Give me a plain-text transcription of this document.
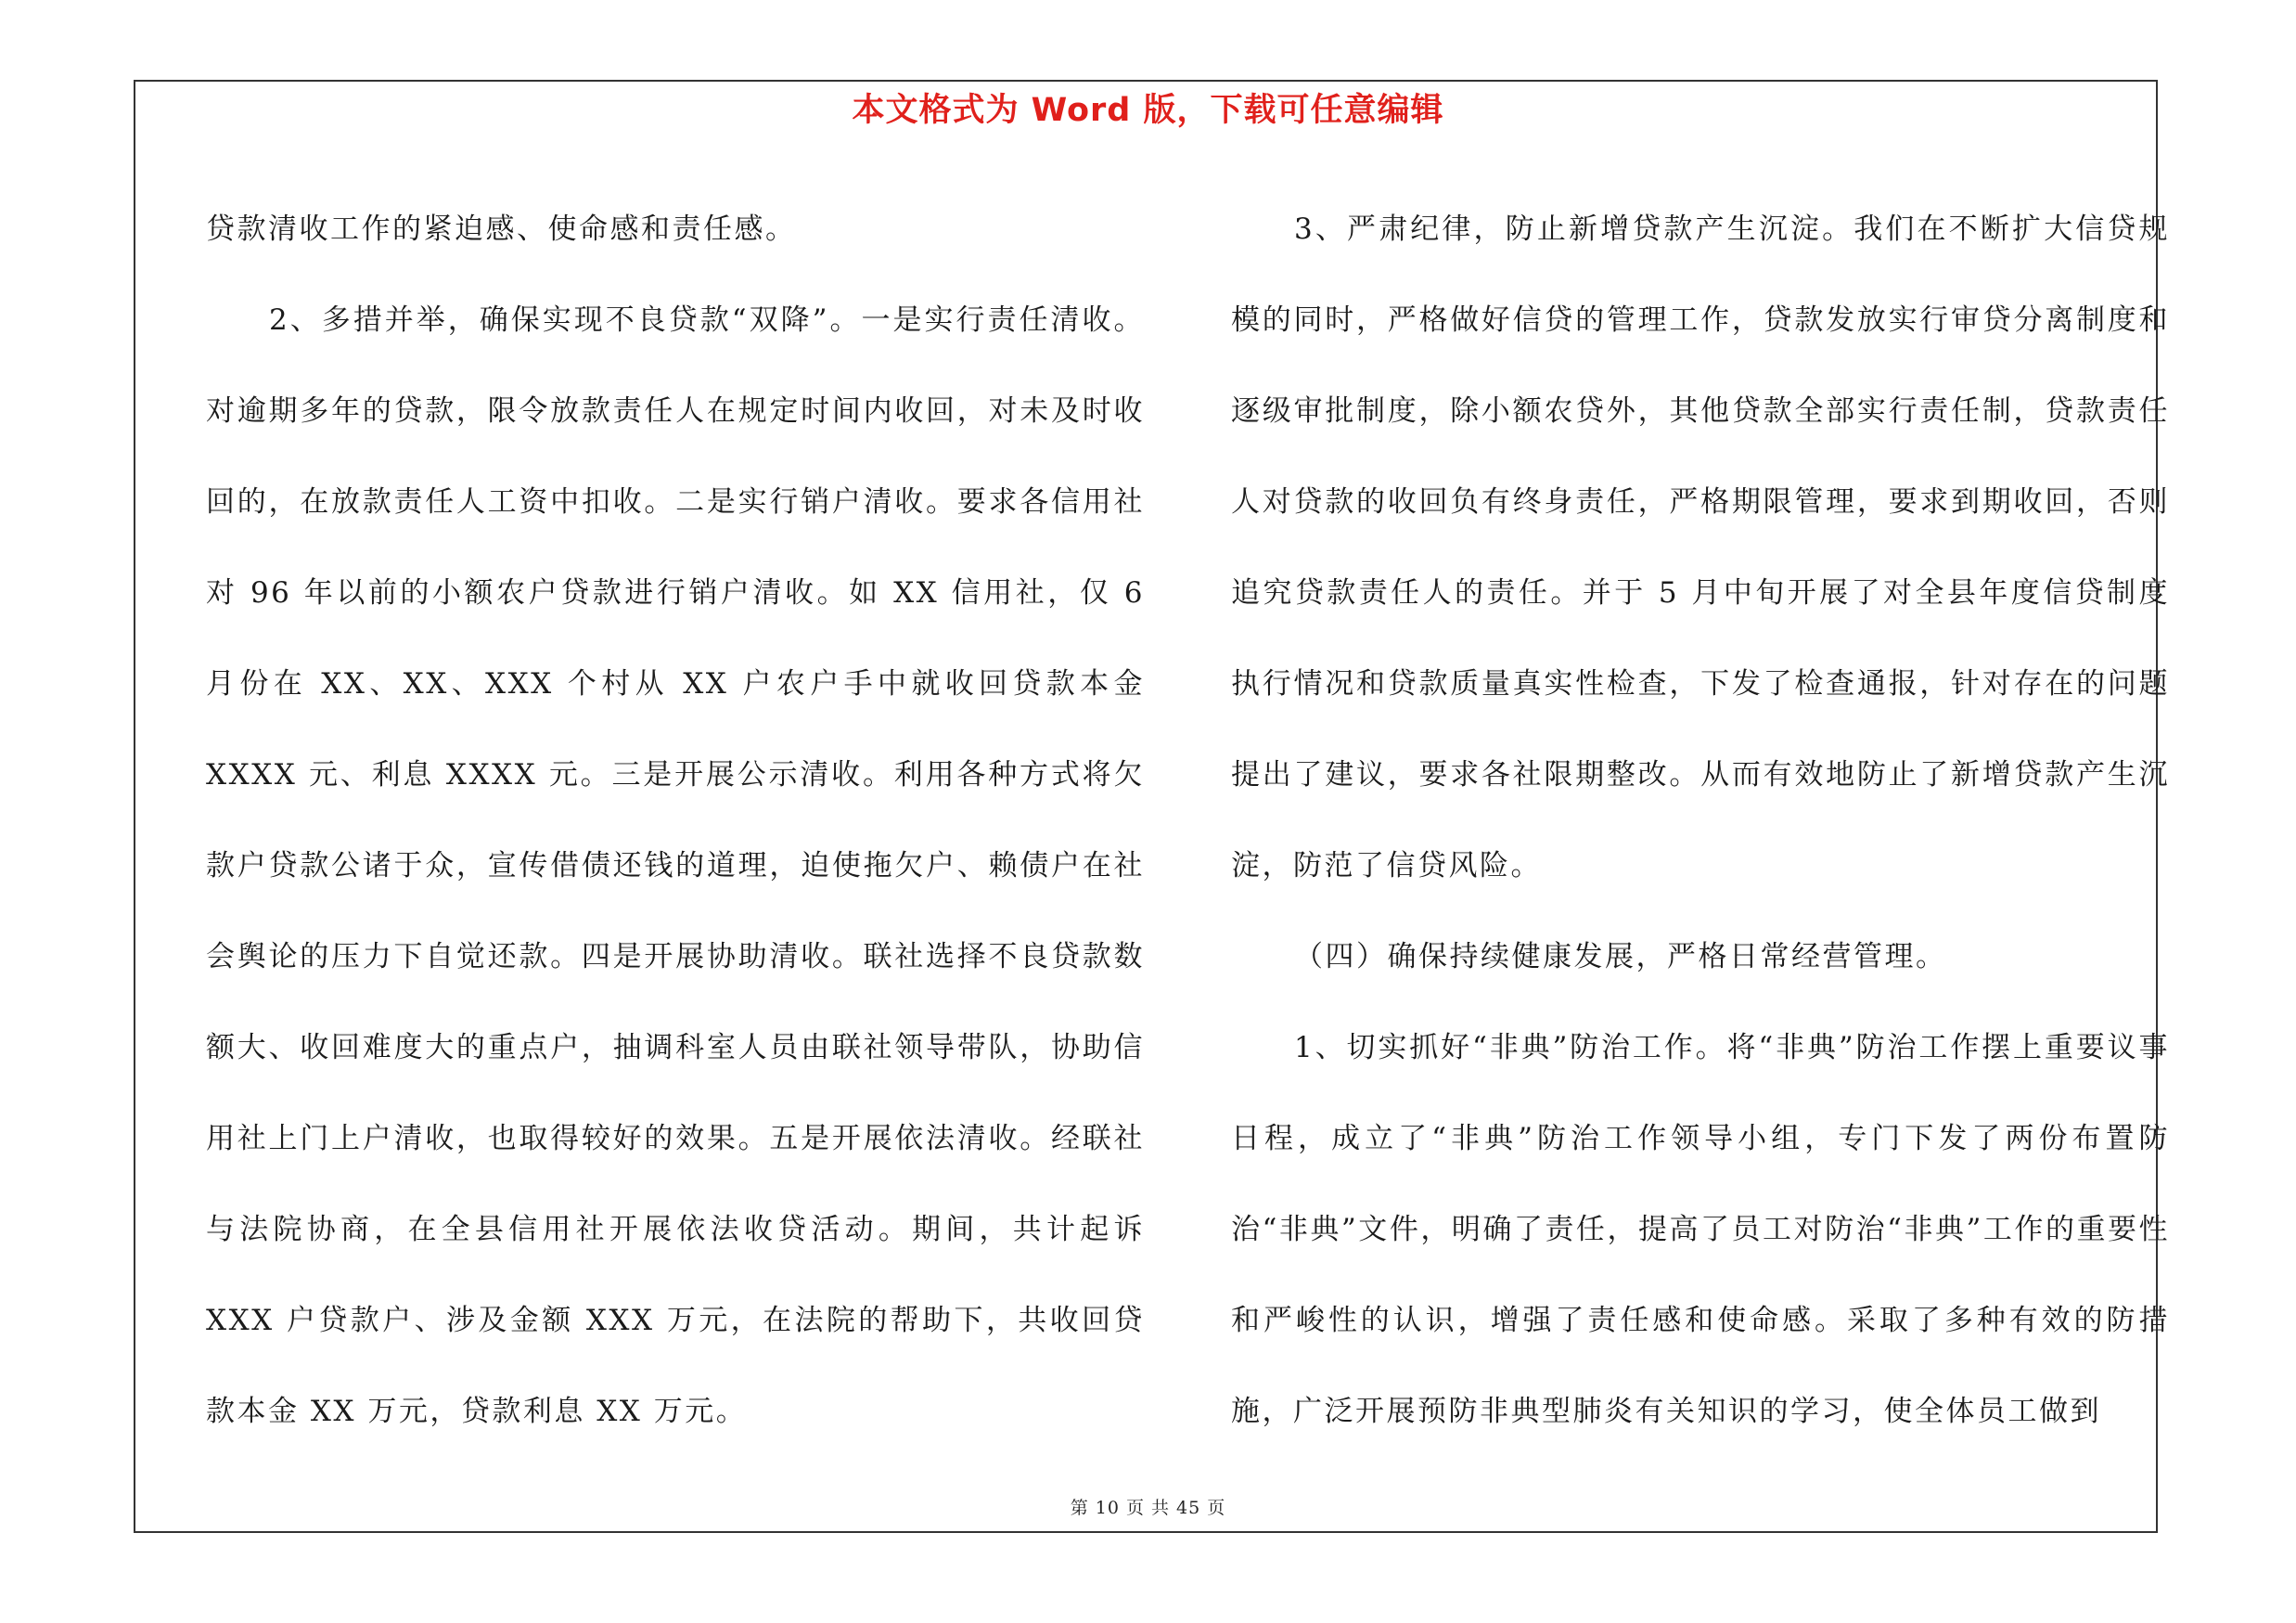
本文格式为 Word 版，下载可任意编辑

贷款清收工作的紧迫感、使命感和责任感。

2、多措并举，确保实现不良贷款“双降”。一是实行责任清收。对逾期多年的贷款，限令放款责任人在规定时间内收回，对未及时收回的，在放款责任人工资中扣收。二是实行销户清收。要求各信用社对 96 年以前的小额农户贷款进行销户清收。如 XX 信用社，仅 6 月份在 XX、XX、XXX 个村从 XX 户农户手中就收回贷款本金 XXXX 元、利息 XXXX 元。三是开展公示清收。利用各种方式将欠款户贷款公诸于众，宣传借债还钱的道理，迫使拖欠户、赖债户在社会舆论的压力下自觉还款。四是开展协助清收。联社选择不良贷款数额大、收回难度大的重点户，抽调科室人员由联社领导带队，协助信用社上门上户清收，也取得较好的效果。五是开展依法清收。经联社与法院协商，在全县信用社开展依法收贷活动。期间，共计起诉 XXX 户贷款户、涉及金额 XXX 万元，在法院的帮助下，共收回贷款本金 XX 万元，贷款利息 XX 万元。

3、严肃纪律，防止新增贷款产生沉淀。我们在不断扩大信贷规模的同时，严格做好信贷的管理工作，贷款发放实行审贷分离制度和逐级审批制度，除小额农贷外，其他贷款全部实行责任制，贷款责任人对贷款的收回负有终身责任，严格期限管理，要求到期收回，否则追究贷款责任人的责任。并于 5 月中旬开展了对全县年度信贷制度执行情况和贷款质量真实性检查，下发了检查通报，针对存在的问题提出了建议，要求各社限期整改。从而有效地防止了新增贷款产生沉淀，防范了信贷风险。

（四）确保持续健康发展，严格日常经营管理。

1、切实抓好“非典”防治工作。将“非典”防治工作摆上重要议事日程，成立了“非典”防治工作领导小组，专门下发了两份布置防治“非典”文件，明确了责任，提高了员工对防治“非典”工作的重要性和严峻性的认识，增强了责任感和使命感。采取了多种有效的防措施，广泛开展预防非典型肺炎有关知识的学习，使全体员工做到

第 10 页 共 45 页
